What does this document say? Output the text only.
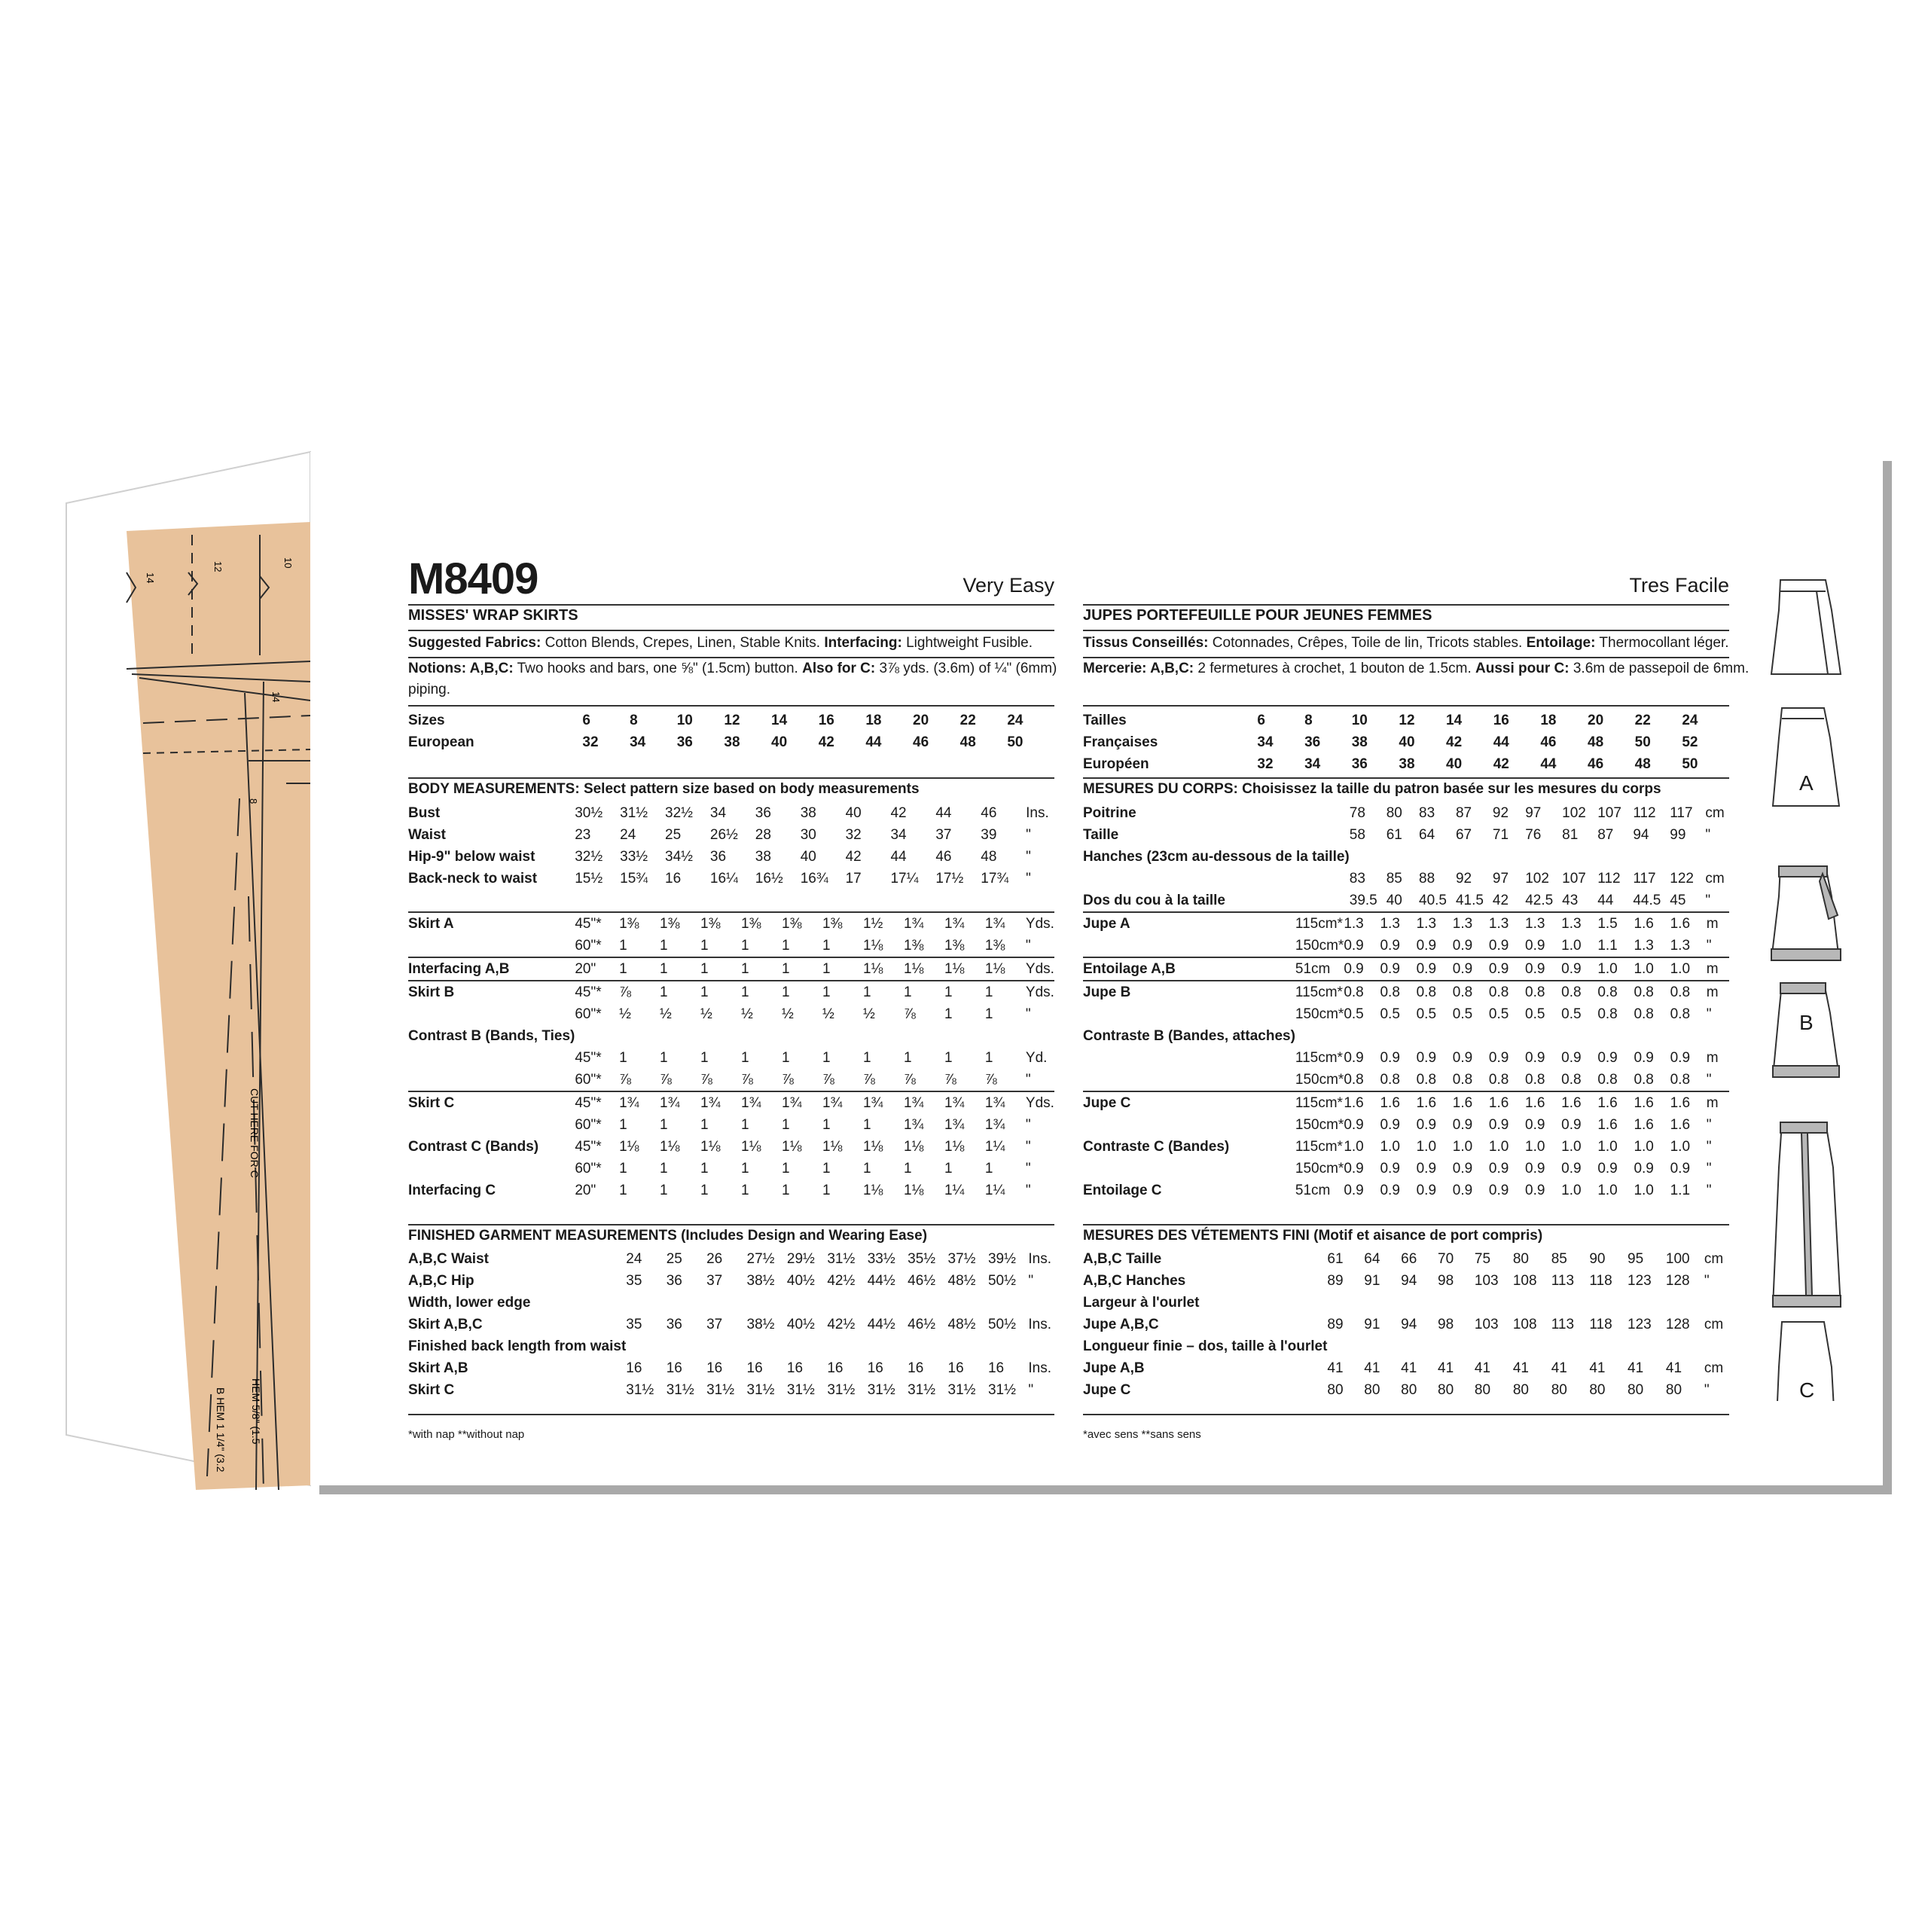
14
12	10
14
8
CUT HERE FOR C
HEM 5/8" (1.5
B HEM 1 1/4" (3.2
M8409	Very Easy
MISSES' WRAP SKIRTS
Suggested Fabrics: Cotton Blends, Crepes, Linen, Stable Knits. Interfacing: Lightweight Fusible.
Notions: A,B,C: Two hooks and bars, one ⅝" (1.5cm) button. Also for C: 3⅞ yds. (3.6m) of ¼" (6mm)
piping.
Sizes	6	8	10	12	14	16	18	20	22	24
European	32	34	36	38	40	42	44	46	48	50
BODY MEASUREMENTS: Select pattern size based on body measurements
Bust	30½	31½	32½	34	36	38	40	42	44	46	Ins.
Waist	23	24	25	26½	28	30	32	34	37	39	"
Hip-9" below waist	32½	33½	34½	36	38	40	42	44	46	48	"
Back-neck to waist	15½	15¾	16	16¼	16½	16¾	17	17¼	17½	17¾	"
Skirt A	45"*	1⅜	1⅜	1⅜	1⅜	1⅜	1⅜	1½	1¾	1¾	1¾	Yds.
	60"*	1	1	1	1	1	1	1⅛	1⅜	1⅜	1⅜	"
Interfacing A,B	20"	1	1	1	1	1	1	1⅛	1⅛	1⅛	1⅛	Yds.
Skirt B	45"*	⅞	1	1	1	1	1	1	1	1	1	Yds.
	60"*	½	½	½	½	½	½	½	⅞	1	1	"
Contrast B (Bands, Ties)												
	45"*	1	1	1	1	1	1	1	1	1	1	Yd.
	60"*	⅞	⅞	⅞	⅞	⅞	⅞	⅞	⅞	⅞	⅞	"
Skirt C	45"*	1¾	1¾	1¾	1¾	1¾	1¾	1¾	1¾	1¾	1¾	Yds.
	60"*	1	1	1	1	1	1	1	1¾	1¾	1¾	"
Contrast C (Bands)	45"*	1⅛	1⅛	1⅛	1⅛	1⅛	1⅛	1⅛	1⅛	1⅛	1¼	"
	60"*	1	1	1	1	1	1	1	1	1	1	"
Interfacing C	20"	1	1	1	1	1	1	1⅛	1⅛	1¼	1¼	"
FINISHED GARMENT MEASUREMENTS (Includes Design and Wearing Ease)
A,B,C Waist	24	25	26	27½	29½	31½	33½	35½	37½	39½	Ins.
A,B,C Hip	35	36	37	38½	40½	42½	44½	46½	48½	50½	"
Width, lower edge											
Skirt A,B,C	35	36	37	38½	40½	42½	44½	46½	48½	50½	Ins.
Finished back length from waist											
Skirt A,B	16	16	16	16	16	16	16	16	16	16	Ins.
Skirt C	31½	31½	31½	31½	31½	31½	31½	31½	31½	31½	"
*with nap **without nap
Tres Facile
JUPES PORTEFEUILLE POUR JEUNES FEMMES
Tissus Conseillés: Cotonnades, Crêpes, Toile de lin, Tricots stables. Entoilage: Thermocollant léger.
Mercerie: A,B,C: 2 fermetures à crochet, 1 bouton de 1.5cm. Aussi pour C: 3.6m de passepoil de 6mm.
Tailles	6	8	10	12	14	16	18	20	22	24
Françaises	34	36	38	40	42	44	46	48	50	52
Européen	32	34	36	38	40	42	44	46	48	50
MESURES DU CORPS: Choisissez la taille du patron basée sur les mesures du corps
Poitrine	78	80	83	87	92	97	102	107	112	117	cm
Taille	58	61	64	67	71	76	81	87	94	99	"
Hanches (23cm au-dessous de la taille)											
	83	85	88	92	97	102	107	112	117	122	cm
Dos du cou à la taille	39.5	40	40.5	41.5	42	42.5	43	44	44.5	45	"
Jupe A	115cm*	1.3	1.3	1.3	1.3	1.3	1.3	1.3	1.5	1.6	1.6	m
	150cm*	0.9	0.9	0.9	0.9	0.9	0.9	1.0	1.1	1.3	1.3	"
Entoilage A,B	51cm	0.9	0.9	0.9	0.9	0.9	0.9	0.9	1.0	1.0	1.0	m
Jupe B	115cm*	0.8	0.8	0.8	0.8	0.8	0.8	0.8	0.8	0.8	0.8	m
	150cm*	0.5	0.5	0.5	0.5	0.5	0.5	0.5	0.8	0.8	0.8	"
Contraste B (Bandes, attaches)												
	115cm*	0.9	0.9	0.9	0.9	0.9	0.9	0.9	0.9	0.9	0.9	m
	150cm*	0.8	0.8	0.8	0.8	0.8	0.8	0.8	0.8	0.8	0.8	"
Jupe C	115cm*	1.6	1.6	1.6	1.6	1.6	1.6	1.6	1.6	1.6	1.6	m
	150cm*	0.9	0.9	0.9	0.9	0.9	0.9	0.9	1.6	1.6	1.6	"
Contraste C (Bandes)	115cm*	1.0	1.0	1.0	1.0	1.0	1.0	1.0	1.0	1.0	1.0	"
	150cm*	0.9	0.9	0.9	0.9	0.9	0.9	0.9	0.9	0.9	0.9	"
Entoilage C	51cm	0.9	0.9	0.9	0.9	0.9	0.9	1.0	1.0	1.0	1.1	"
MESURES DES VÉTEMENTS FINI (Motif et aisance de port compris)
A,B,C Taille	61	64	66	70	75	80	85	90	95	100	cm
A,B,C Hanches	89	91	94	98	103	108	113	118	123	128	"
Largeur à l'ourlet											
Jupe A,B,C	89	91	94	98	103	108	113	118	123	128	cm
Longueur finie – dos, taille à l'ourlet											
Jupe A,B	41	41	41	41	41	41	41	41	41	41	cm
Jupe C	80	80	80	80	80	80	80	80	80	80	"
*avec sens **sans sens
A
B
C
